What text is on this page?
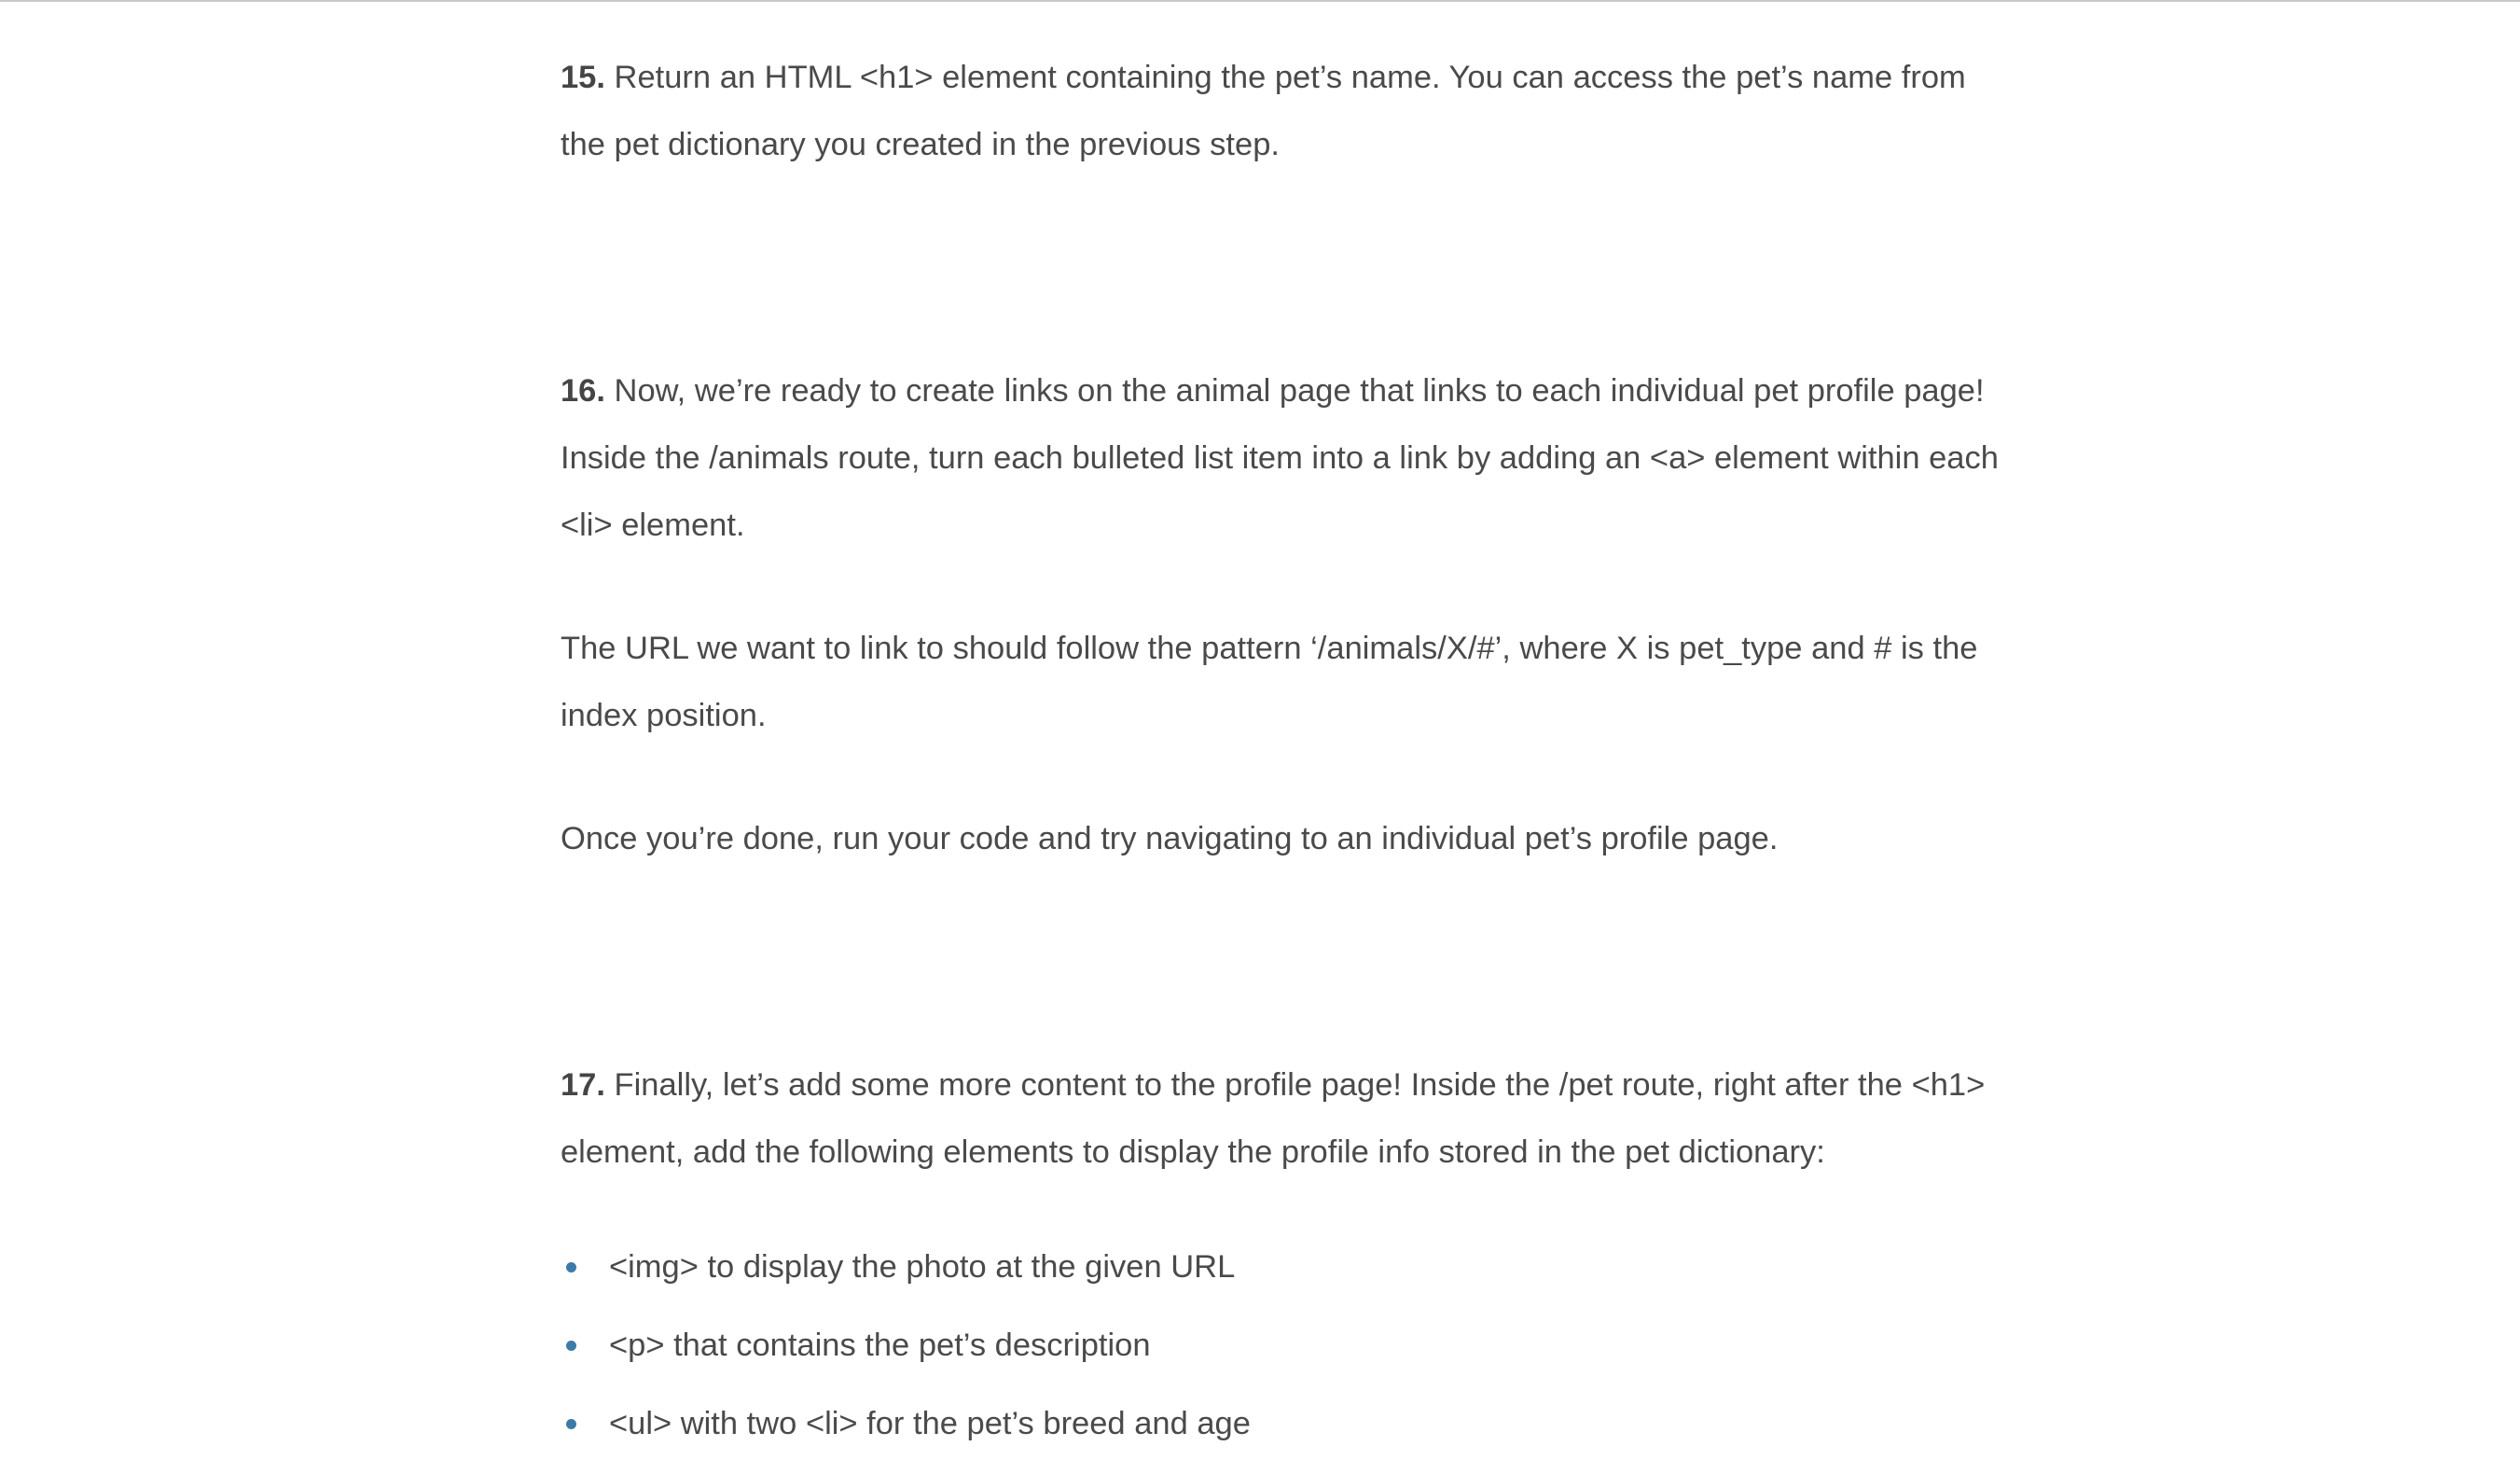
15. Return an HTML <h1> element containing the pet’s name. You can access the pet’s name from the pet dictionary you created in the previous step.

16. Now, we’re ready to create links on the animal page that links to each individual pet profile page! Inside the /animals route, turn each bulleted list item into a link by adding an <a> element within each <li> element.

The URL we want to link to should follow the pattern ‘/animals/X/#’, where X is pet_type and # is the index position.

Once you’re done, run your code and try navigating to an individual pet’s profile page.

17. Finally, let’s add some more content to the profile page! Inside the /pet route, right after the <h1> element, add the following elements to display the profile info stored in the pet dictionary:

<img> to display the photo at the given URL
<p> that contains the pet’s description
<ul> with two <li> for the pet’s breed and age
